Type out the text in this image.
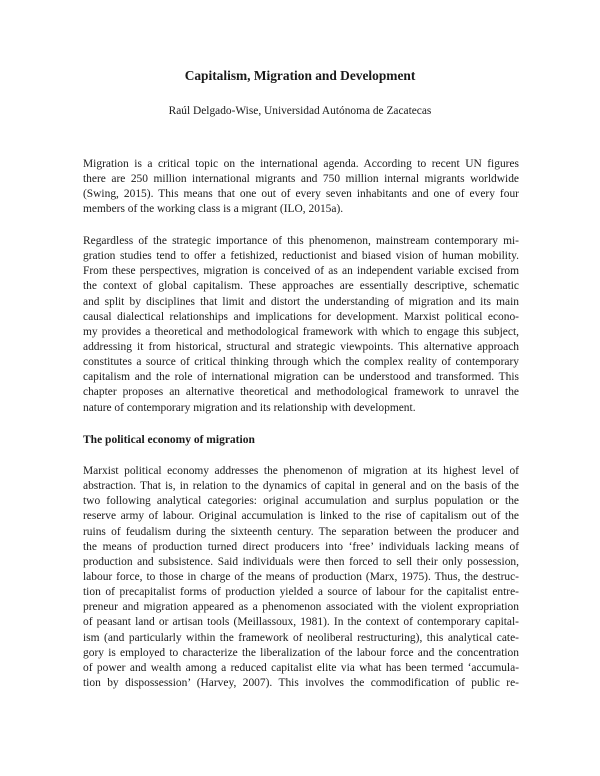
Capitalism, Migration and Development
Raúl Delgado-Wise, Universidad Autónoma de Zacatecas

Migration is a critical topic on the international agenda. According to recent UN figures
there are 250 million international migrants and 750 million internal migrants worldwide
(Swing, 2015). This means that one out of every seven inhabitants and one of every four
members of the working class is a migrant (ILO, 2015a).

Regardless of the strategic importance of this phenomenon, mainstream contemporary mi-
gration studies tend to offer a fetishized, reductionist and biased vision of human mobility.
From these perspectives, migration is conceived of as an independent variable excised from
the context of global capitalism. These approaches are essentially descriptive, schematic
and split by disciplines that limit and distort the understanding of migration and its main
causal dialectical relationships and implications for development. Marxist political econo-
my provides a theoretical and methodological framework with which to engage this subject,
addressing it from historical, structural and strategic viewpoints. This alternative approach
constitutes a source of critical thinking through which the complex reality of contemporary
capitalism and the role of international migration can be understood and transformed. This
chapter proposes an alternative theoretical and methodological framework to unravel the
nature of contemporary migration and its relationship with development.

The political economy of migration

Marxist political economy addresses the phenomenon of migration at its highest level of
abstraction. That is, in relation to the dynamics of capital in general and on the basis of the
two following analytical categories: original accumulation and surplus population or the
reserve army of labour. Original accumulation is linked to the rise of capitalism out of the
ruins of feudalism during the sixteenth century. The separation between the producer and
the means of production turned direct producers into ‘free’ individuals lacking means of
production and subsistence. Said individuals were then forced to sell their only possession,
labour force, to those in charge of the means of production (Marx, 1975). Thus, the destruc-
tion of precapitalist forms of production yielded a source of labour for the capitalist entre-
preneur and migration appeared as a phenomenon associated with the violent expropriation
of peasant land or artisan tools (Meillassoux, 1981). In the context of contemporary capital-
ism (and particularly within the framework of neoliberal restructuring), this analytical cate-
gory is employed to characterize the liberalization of the labour force and the concentration
of power and wealth among a reduced capitalist elite via what has been termed ‘accumula-
tion by dispossession’ (Harvey, 2007). This involves the commodification of public re-
